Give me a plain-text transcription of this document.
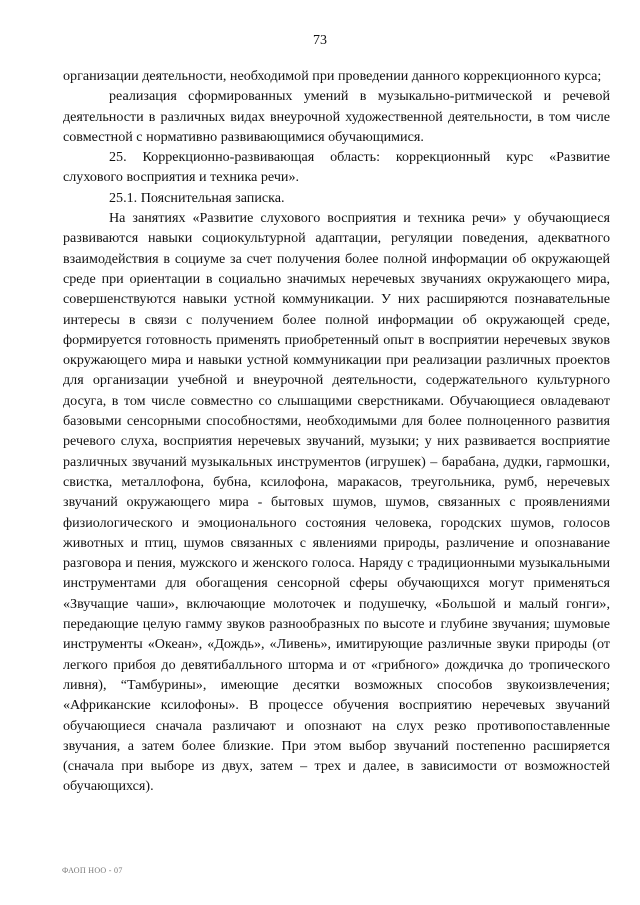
73

организации деятельности, необходимой при проведении данного коррекционного курса;

реализация сформированных умений в музыкально-ритмической и речевой деятельности в различных видах внеурочной художественной деятельности, в том числе совместной с нормативно развивающимися обучающимися.

25. Коррекционно-развивающая область: коррекционный курс «Развитие слухового восприятия и техника речи».

25.1. Пояснительная записка.

На занятиях «Развитие слухового восприятия и техника речи» у обучающиеся развиваются навыки социокультурной адаптации, регуляции поведения, адекватного взаимодействия в социуме за счет получения более полной информации об окружающей среде при ориентации в социально значимых неречевых звучаниях окружающего мира, совершенствуются навыки устной коммуникации. У них расширяются познавательные интересы в связи с получением более полной информации об окружающей среде, формируется готовность применять приобретенный опыт в восприятии неречевых звуков окружающего мира и навыки устной коммуникации при реализации различных проектов для организации учебной и внеурочной деятельности, содержательного культурного досуга, в том числе совместно со слышащими сверстниками. Обучающиеся овладевают базовыми сенсорными способностями, необходимыми для более полноценного развития речевого слуха, восприятия неречевых звучаний, музыки; у них развивается восприятие различных звучаний музыкальных инструментов (игрушек) – барабана, дудки, гармошки, свистка, металлофона, бубна, ксилофона, маракасов, треугольника, румб, неречевых звучаний окружающего мира - бытовых шумов, шумов, связанных с проявлениями физиологического и эмоционального состояния человека, городских шумов, голосов животных и птиц, шумов связанных с явлениями природы, различение и опознавание разговора и пения, мужского и женского голоса. Наряду с традиционными музыкальными инструментами для обогащения сенсорной сферы обучающихся могут применяться «Звучащие чаши», включающие молоточек и подушечку, «Большой и малый гонги», передающие целую гамму звуков разнообразных по высоте и глубине звучания; шумовые инструменты «Океан», «Дождь», «Ливень», имитирующие различные звуки природы (от легкого прибоя до девятибалльного шторма и от «грибного» дождичка до тропического ливня), “Тамбурины», имеющие десятки возможных способов звукоизвлечения; «Африканские ксилофоны». В процессе обучения восприятию неречевых звучаний обучающиеся сначала различают и опознают на слух резко противопоставленные звучания, а затем более близкие. При этом выбор звучаний постепенно расширяется (сначала при выборе из двух, затем – трех и далее, в зависимости от возможностей обучающихся).

ФАОП НОО - 07
